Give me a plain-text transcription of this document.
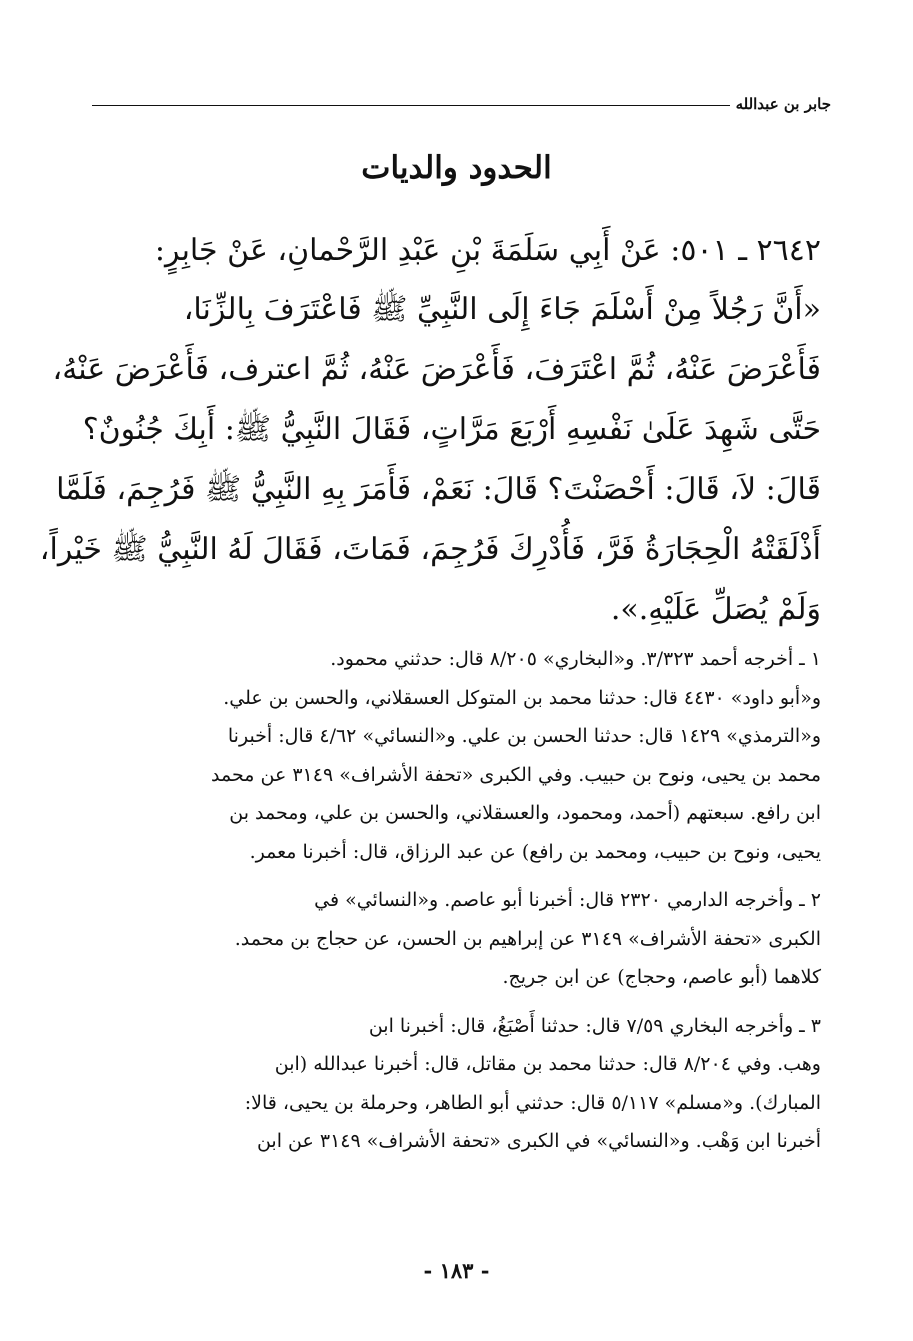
جابر بن عبدالله
الحدود والديات

٢٦٤٢ ـ ٥٠١: عَنْ أَبِي سَلَمَةَ بْنِ عَبْدِ الرَّحْمانِ، عَنْ جَابِرٍ:

«أَنَّ رَجُلاً مِنْ أَسْلَمَ جَاءَ إِلَى النَّبِيِّ ﷺ فَاعْتَرَفَ بِالزِّنَا،
فَأَعْرَضَ عَنْهُ، ثُمَّ اعْتَرَفَ، فَأَعْرَضَ عَنْهُ، ثُمَّ اعترف، فَأَعْرَضَ عَنْهُ،
حَتَّى شَهِدَ عَلَىٰ نَفْسِهِ أَرْبَعَ مَرَّاتٍ، فَقَالَ النَّبِيُّ ﷺ: أَبِكَ جُنُونٌ؟
قَالَ: لاَ، قَالَ: أَحْصَنْتَ؟ قَالَ: نَعَمْ، فَأَمَرَ بِهِ النَّبِيُّ ﷺ فَرُجِمَ، فَلَمَّا
أَذْلَقَتْهُ الْحِجَارَةُ فَرَّ، فَأُدْرِكَ فَرُجِمَ، فَمَاتَ، فَقَالَ لَهُ النَّبِيُّ ﷺ خَيْراً،
وَلَمْ يُصَلِّ عَلَيْهِ.».

١ ـ أخرجه أحمد ٣/٣٢٣. و«البخاري» ٨/٢٠٥ قال: حدثني محمود.
و«أبو داود» ٤٤٣٠ قال: حدثنا محمد بن المتوكل العسقلاني، والحسن بن علي.
و«الترمذي» ١٤٢٩ قال: حدثنا الحسن بن علي. و«النسائي» ٤/٦٢ قال: أخبرنا
محمد بن يحيى، ونوح بن حبيب. وفي الكبرى «تحفة الأشراف» ٣١٤٩ عن محمد
ابن رافع. سبعتهم (أحمد، ومحمود، والعسقلاني، والحسن بن علي، ومحمد بن
يحيى، ونوح بن حبيب، ومحمد بن رافع) عن عبد الرزاق، قال: أخبرنا معمر.

٢ ـ وأخرجه الدارمي ٢٣٢٠ قال: أخبرنا أبو عاصم. و«النسائي» في
الكبرى «تحفة الأشراف» ٣١٤٩ عن إبراهيم بن الحسن، عن حجاج بن محمد.
كلاهما (أبو عاصم، وحجاج) عن ابن جريج.

٣ ـ وأخرجه البخاري ٧/٥٩ قال: حدثنا أَصْبَغُ، قال: أخبرنا ابن
وهب. وفي ٨/٢٠٤ قال: حدثنا محمد بن مقاتل، قال: أخبرنا عبدالله (ابن
المبارك). و«مسلم» ٥/١١٧ قال: حدثني أبو الطاهر، وحرملة بن يحيى، قالا:
أخبرنا ابن وَهْب. و«النسائي» في الكبرى «تحفة الأشراف» ٣١٤٩ عن ابن

- ١٨٣ -
